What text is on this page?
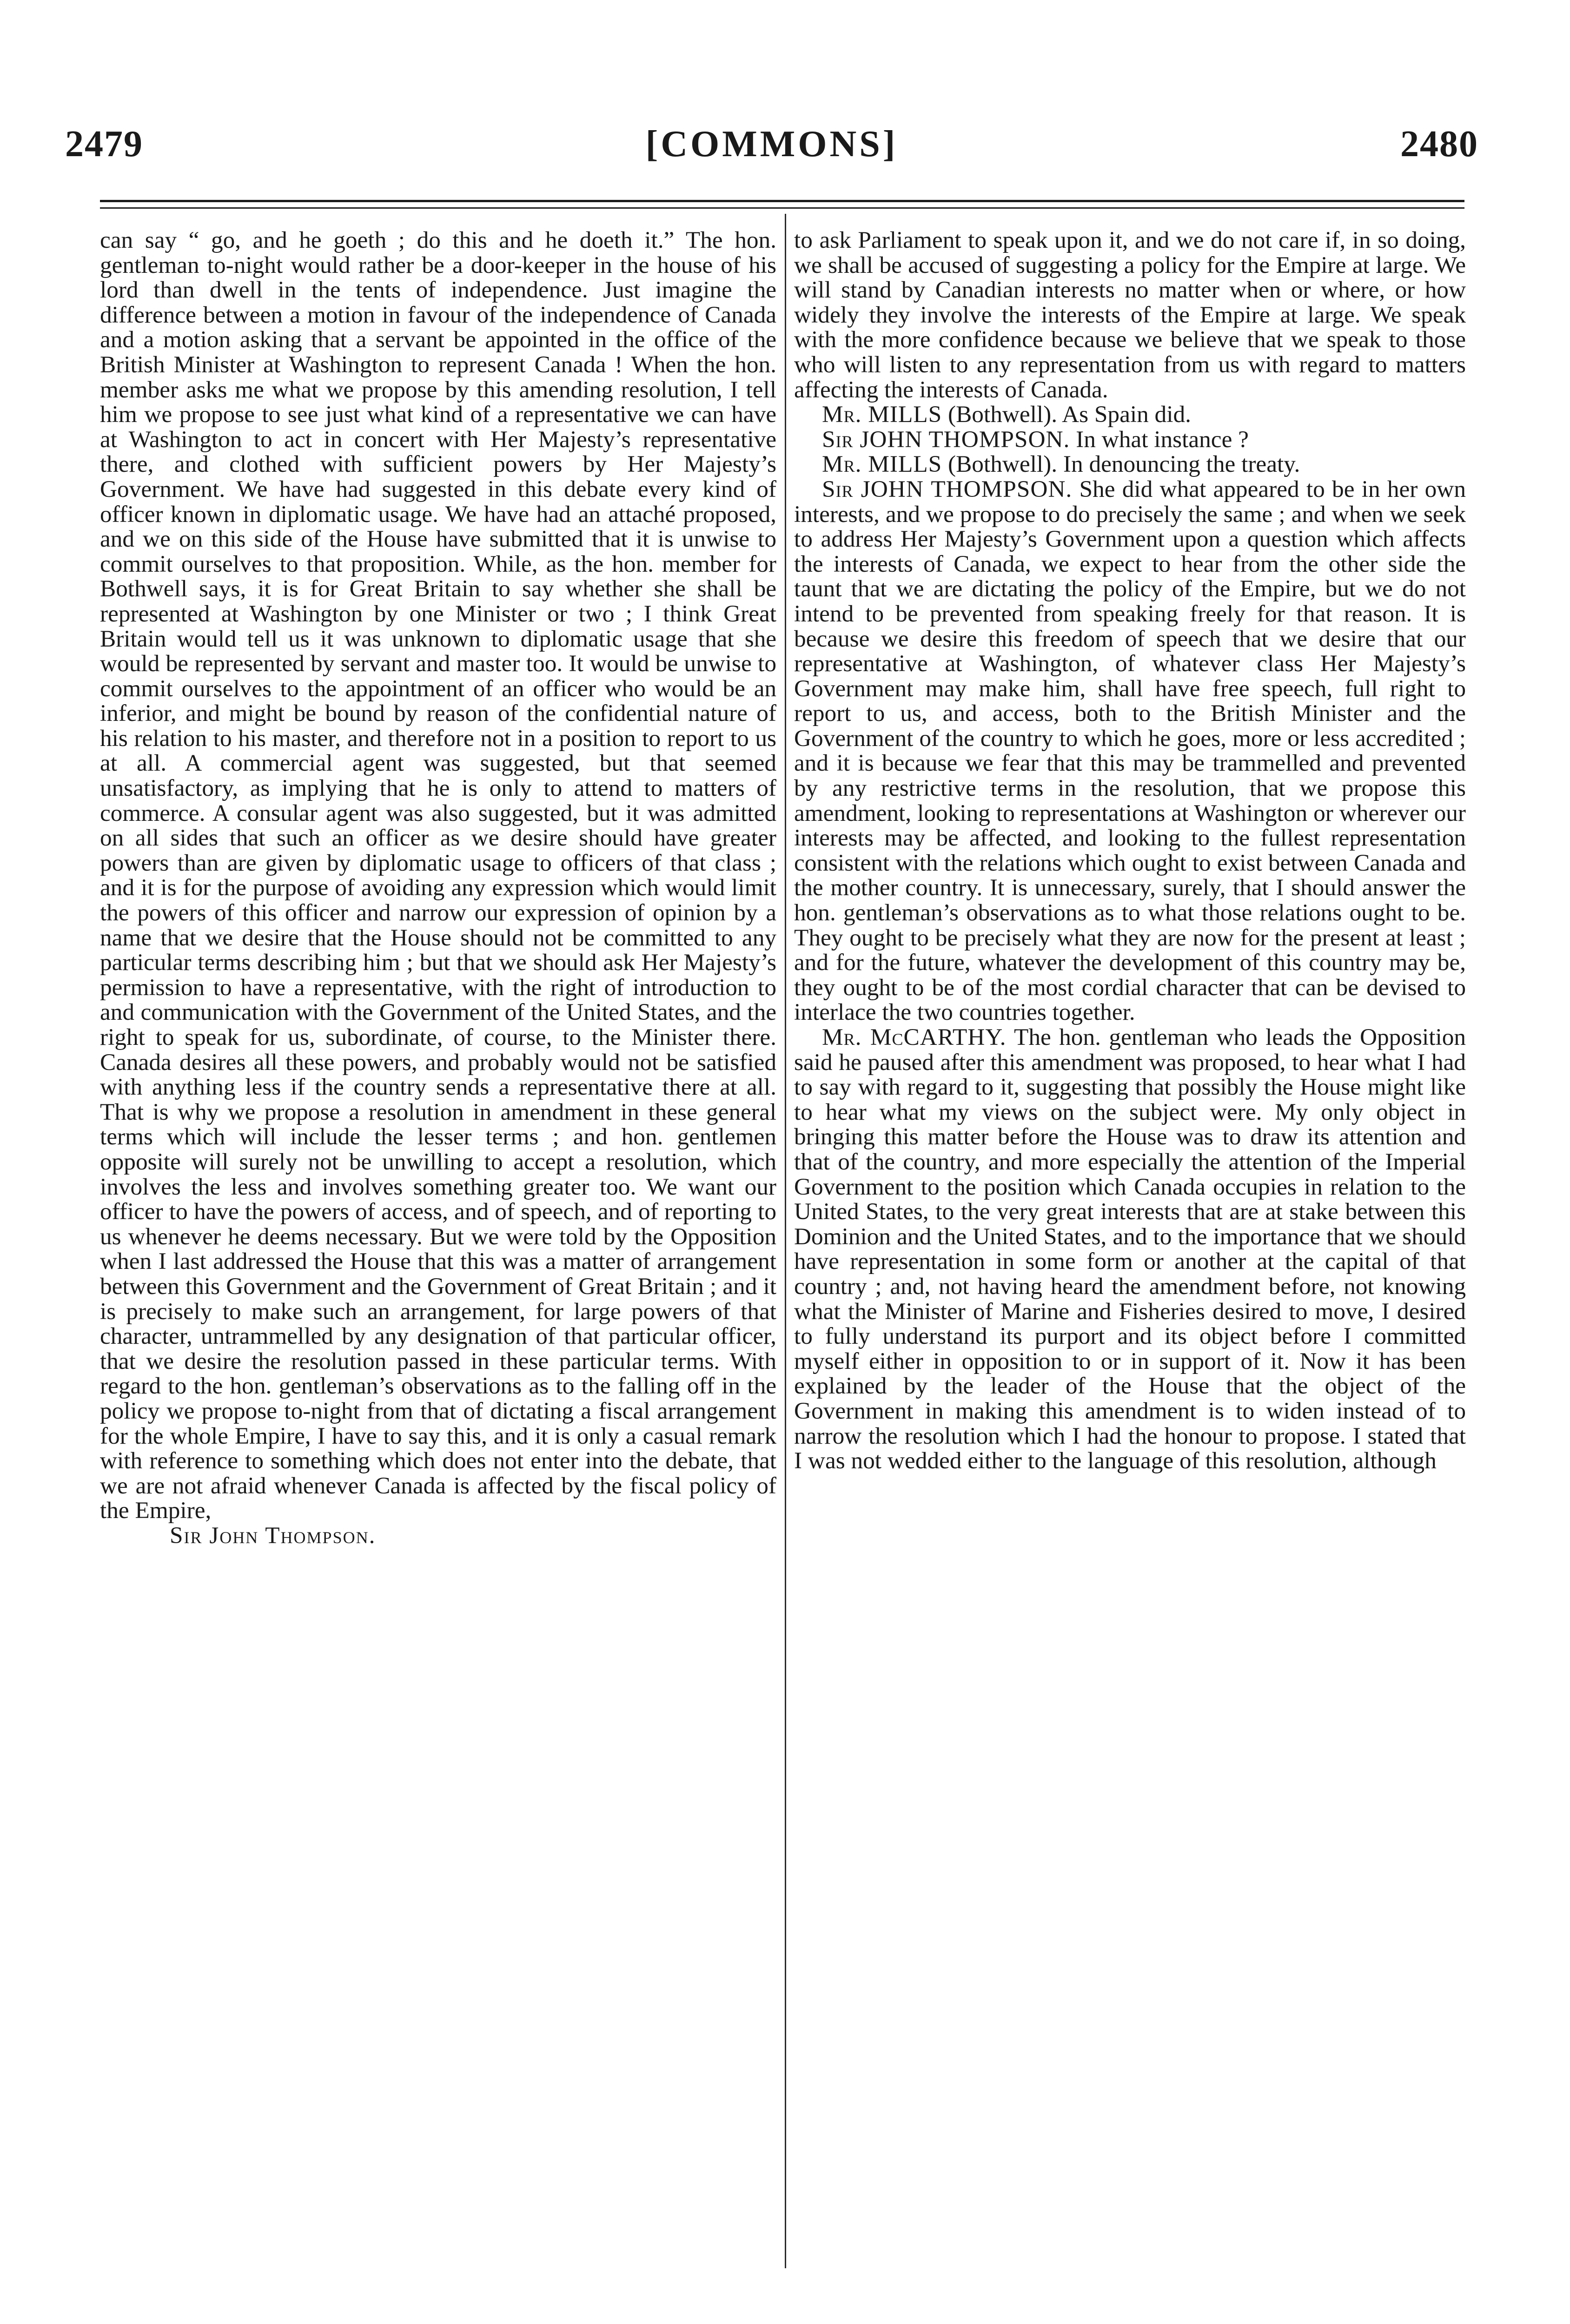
2479	[COMMONS]	2480

can say “ go, and he goeth ; do this and he doeth it.” The hon. gentleman to-night would rather be a door-keeper in the house of his lord than dwell in the tents of independence. Just imagine the difference between a motion in favour of the independence of Canada and a motion asking that a servant be appointed in the office of the British Minister at Washington to represent Canada ! When the hon. member asks me what we propose by this amending resolution, I tell him we propose to see just what kind of a representative we can have at Washington to act in concert with Her Majesty’s representative there, and clothed with sufficient powers by Her Majesty’s Government. We have had suggested in this debate every kind of officer known in diplomatic usage. We have had an attaché proposed, and we on this side of the House have submitted that it is unwise to commit ourselves to that proposition. While, as the hon. member for Bothwell says, it is for Great Britain to say whether she shall be represented at Washington by one Minister or two ; I think Great Britain would tell us it was unknown to diplomatic usage that she would be represented by servant and master too. It would be unwise to commit ourselves to the appointment of an officer who would be an inferior, and might be bound by reason of the confidential nature of his relation to his master, and therefore not in a position to report to us at all. A commercial agent was suggested, but that seemed unsatisfactory, as implying that he is only to attend to matters of commerce. A consular agent was also suggested, but it was admitted on all sides that such an officer as we desire should have greater powers than are given by diplomatic usage to officers of that class ; and it is for the purpose of avoiding any expression which would limit the powers of this officer and narrow our expression of opinion by a name that we desire that the House should not be committed to any particular terms describing him ; but that we should ask Her Majesty’s permission to have a representative, with the right of introduction to and communication with the Government of the United States, and the right to speak for us, subordinate, of course, to the Minister there. Canada desires all these powers, and probably would not be satisfied with anything less if the country sends a representative there at all. That is why we propose a resolution in amendment in these general terms which will include the lesser terms ; and hon. gentlemen opposite will surely not be unwilling to accept a resolution, which involves the less and involves something greater too. We want our officer to have the powers of access, and of speech, and of reporting to us whenever he deems necessary. But we were told by the Opposition when I last addressed the House that this was a matter of arrangement between this Government and the Government of Great Britain ; and it is precisely to make such an arrangement, for large powers of that character, untrammelled by any designation of that particular officer, that we desire the resolution passed in these particular terms. With regard to the hon. gentleman’s observations as to the falling off in the policy we propose to-night from that of dictating a fiscal arrangement for the whole Empire, I have to say this, and it is only a casual remark with reference to something which does not enter into the debate, that we are not afraid whenever Canada is affected by the fiscal policy of the Empire,

Sir John Thompson.

to ask Parliament to speak upon it, and we do not care if, in so doing, we shall be accused of suggesting a policy for the Empire at large. We will stand by Canadian interests no matter when or where, or how widely they involve the interests of the Empire at large. We speak with the more confidence because we believe that we speak to those who will listen to any representation from us with regard to matters affecting the interests of Canada.

Mr. MILLS (Bothwell). As Spain did.

Sir JOHN THOMPSON. In what instance ?

Mr. MILLS (Bothwell). In denouncing the treaty.

Sir JOHN THOMPSON. She did what appeared to be in her own interests, and we propose to do precisely the same ; and when we seek to address Her Majesty’s Government upon a question which affects the interests of Canada, we expect to hear from the other side the taunt that we are dictating the policy of the Empire, but we do not intend to be prevented from speaking freely for that reason. It is because we desire this freedom of speech that we desire that our representative at Washington, of whatever class Her Majesty’s Government may make him, shall have free speech, full right to report to us, and access, both to the British Minister and the Government of the country to which he goes, more or less accredited ; and it is because we fear that this may be trammelled and prevented by any restrictive terms in the resolution, that we propose this amendment, looking to representations at Washington or wherever our interests may be affected, and looking to the fullest representation consistent with the relations which ought to exist between Canada and the mother country. It is unnecessary, surely, that I should answer the hon. gentleman’s observations as to what those relations ought to be. They ought to be precisely what they are now for the present at least ; and for the future, whatever the development of this country may be, they ought to be of the most cordial character that can be devised to interlace the two countries together.

Mr. McCARTHY. The hon. gentleman who leads the Opposition said he paused after this amendment was proposed, to hear what I had to say with regard to it, suggesting that possibly the House might like to hear what my views on the subject were. My only object in bringing this matter before the House was to draw its attention and that of the country, and more especially the attention of the Imperial Government to the position which Canada occupies in relation to the United States, to the very great interests that are at stake between this Dominion and the United States, and to the importance that we should have representation in some form or another at the capital of that country ; and, not having heard the amendment before, not knowing what the Minister of Marine and Fisheries desired to move, I desired to fully understand its purport and its object before I committed myself either in opposition to or in support of it. Now it has been explained by the leader of the House that the object of the Government in making this amendment is to widen instead of to narrow the resolution which I had the honour to propose. I stated that I was not wedded either to the language of this resolution, although
